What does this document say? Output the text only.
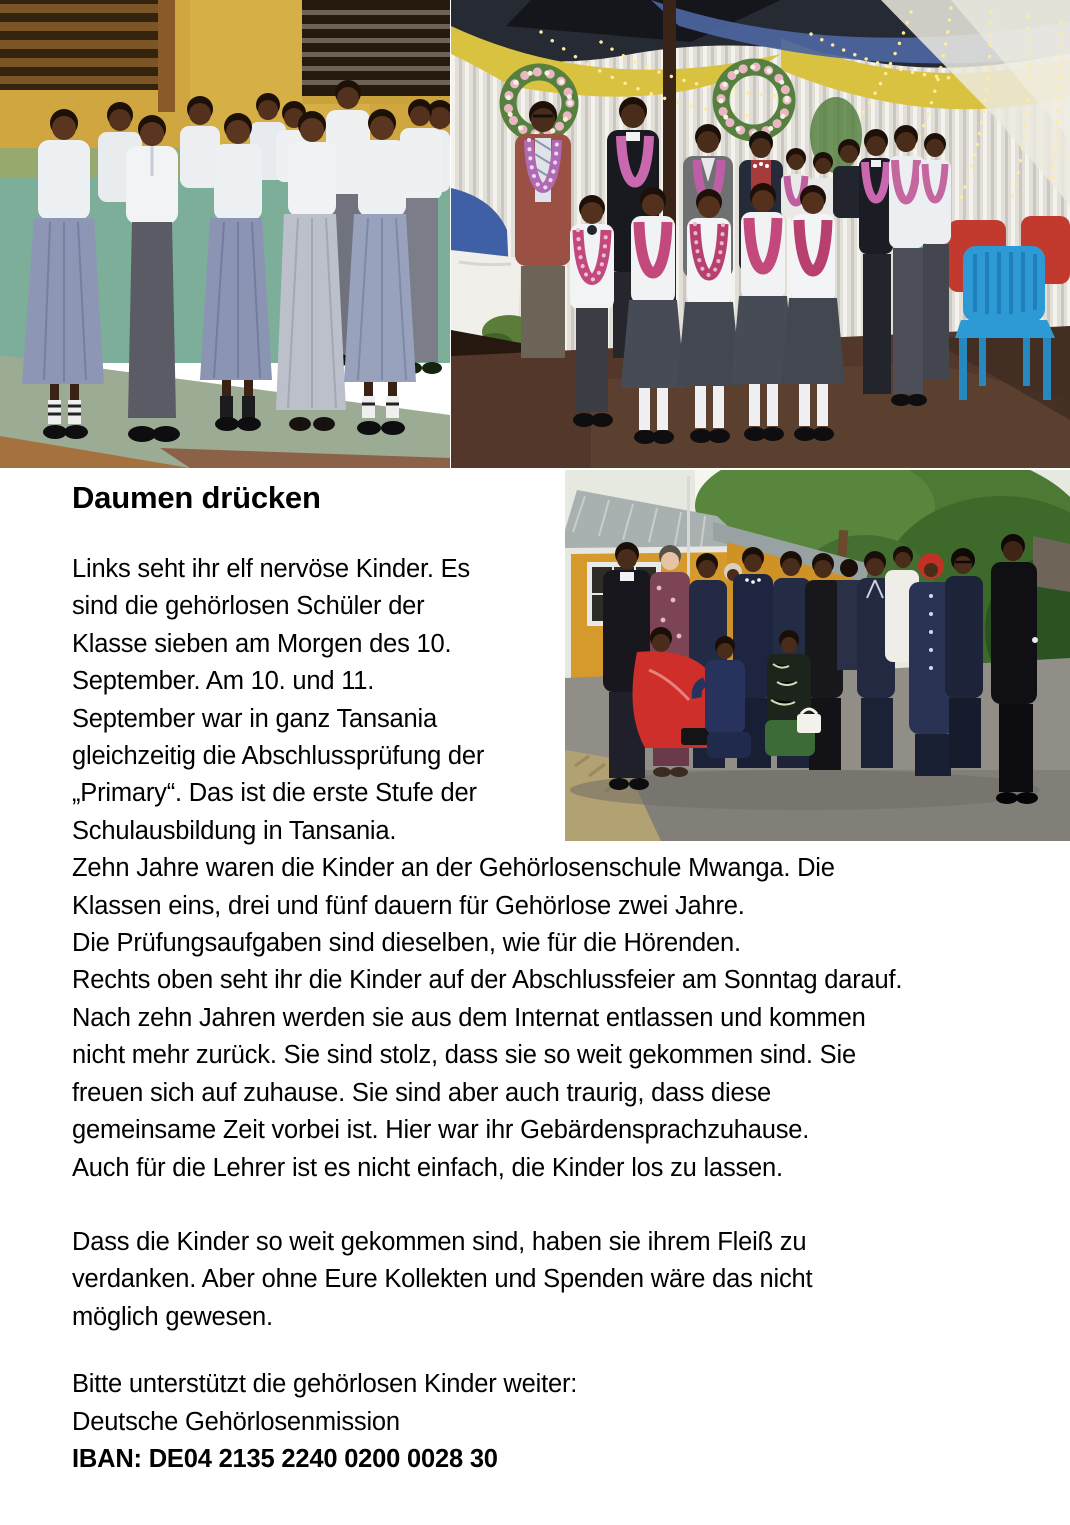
Daumen drücken
Links seht ihr elf nervöse Kinder. Es
sind die gehörlosen Schüler der
Klasse sieben am Morgen des 10.
September. Am 10. und 11.
September war in ganz Tansania
gleichzeitig die Abschlussprüfung der
„Primary“. Das ist die erste Stufe der
Schulausbildung in Tansania.
Zehn Jahre waren die Kinder an der Gehörlosenschule Mwanga. Die
Klassen eins, drei und fünf dauern für Gehörlose zwei Jahre.
Die Prüfungsaufgaben sind dieselben, wie für die Hörenden.
Rechts oben seht ihr die Kinder auf der Abschlussfeier am Sonntag darauf.
Nach zehn Jahren werden sie aus dem Internat entlassen und kommen
nicht mehr zurück. Sie sind stolz, dass sie so weit gekommen sind. Sie
freuen sich auf zuhause. Sie sind aber auch traurig, dass diese
gemeinsame Zeit vorbei ist. Hier war ihr Gebärdensprachzuhause.
Auch für die Lehrer ist es nicht einfach, die Kinder los zu lassen.
Dass die Kinder so weit gekommen sind, haben sie ihrem Fleiß zu
verdanken. Aber ohne Eure Kollekten und Spenden wäre das nicht
möglich gewesen.
Bitte unterstützt die gehörlosen Kinder weiter:
Deutsche Gehörlosenmission
IBAN: DE04 2135 2240 0200 0028 30
